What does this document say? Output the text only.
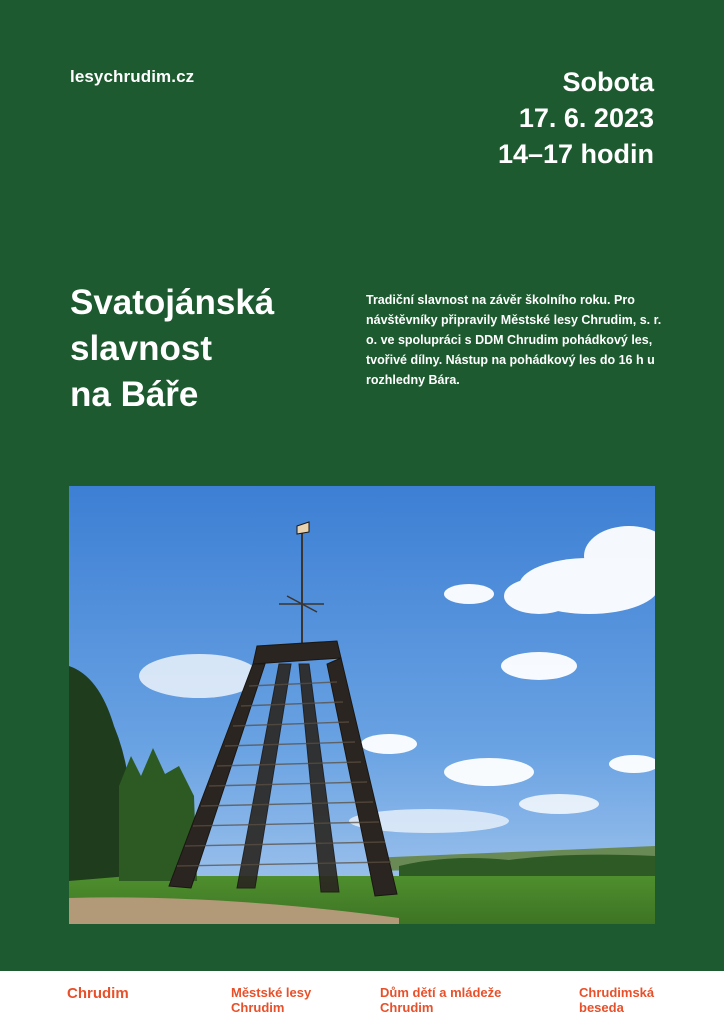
lesychrudim.cz	Sobota
17. 6. 2023
14–17 hodin
Svatojánská
slavnost
na Báře
Tradiční slavnost na závěr školního roku. Pro návštěvníky připravily Městské lesy Chrudim, s. r. o. ve spolupráci s DDM Chrudim pohádkový les, tvořivé dílny. Nástup na pohádkový les do 16 h u rozhledny Bára.
Chrudim	Městské lesy
Chrudim
Dům dětí a mládeže
Chrudim
Chrudimská
beseda
